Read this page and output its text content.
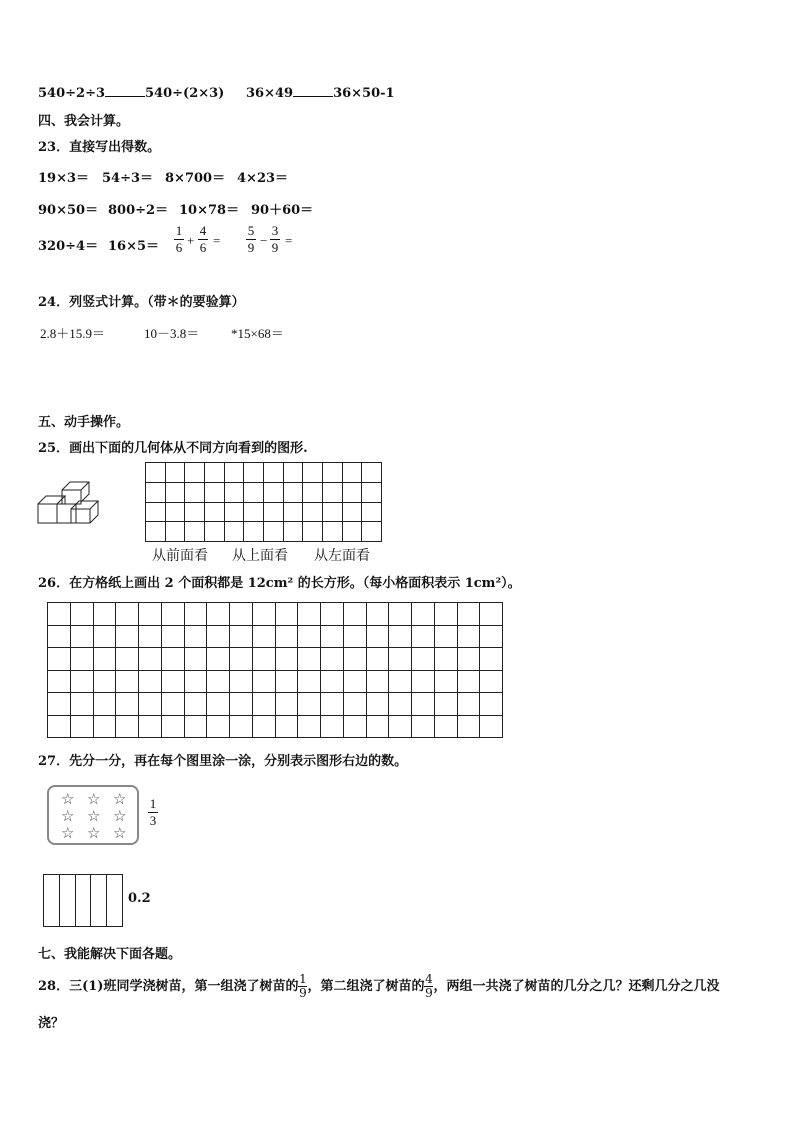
540÷2÷3	540÷(2×3) 36×49	36×50-1
四、我会计算。
23．直接写出得数。
19×3＝ 54÷3＝ 8×700＝ 4×23＝
90×50＝ 800÷2＝ 10×78＝ 90＋60＝
320÷4＝ 16×5＝
1
6 +
4
6 =
5
9 −
3
9 =
24．列竖式计算。（带＊的要验算）
2.8＋15.9＝	10－3.8＝ *15×68＝
五、动手操作。
25．画出下面的几何体从不同方向看到的图形.
从前面看 从上面看 从左面看
26．在方格纸上画出 2 个面积都是 12cm² 的长方形。（每小格面积表示 1cm²）。
27．先分一分，再在每个图里涂一涂，分别表示图形右边的数。
☆ ☆ ☆
☆ ☆ ☆
☆ ☆ ☆
1
3
0.2
七、我能解决下面各题。
28．三(1)班同学浇树苗，第一组浇了树苗的 $\frac{1}{9}$ ，第二组浇了树苗的 $\frac{4}{9}$ ，两组一共浇了树苗的几分之几？还剩几分之几没
浇？
